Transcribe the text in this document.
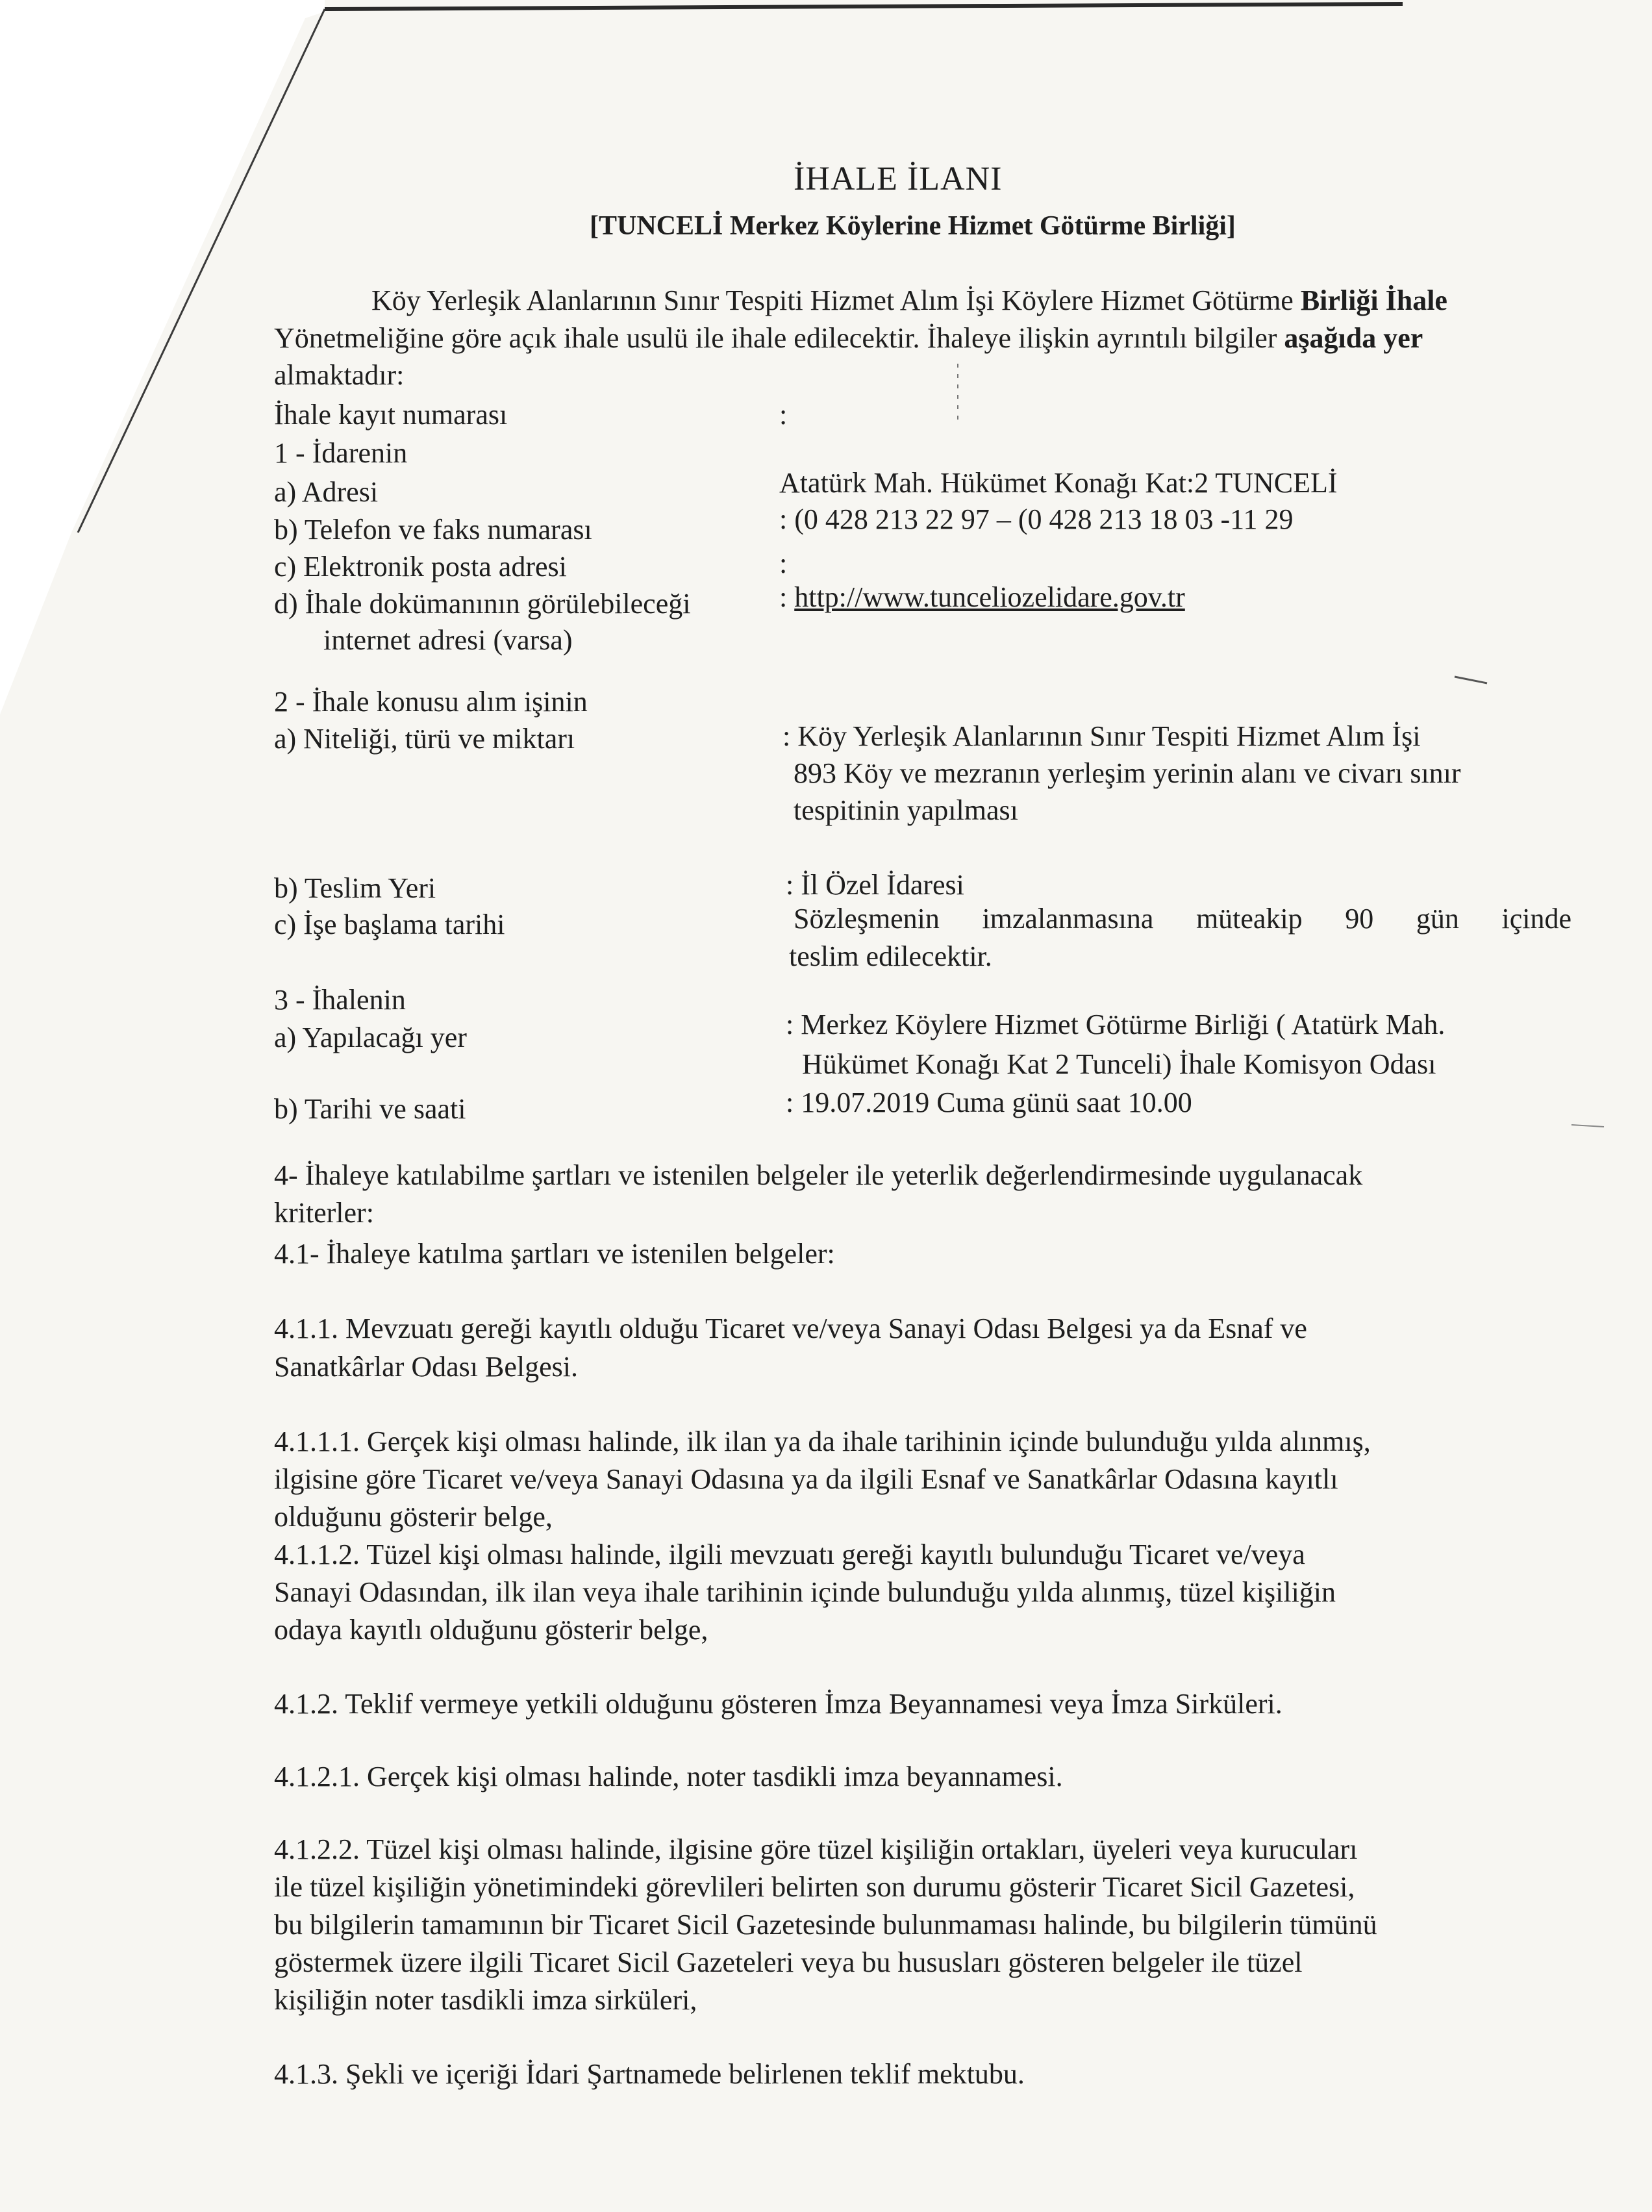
İHALE İLANI
[TUNCELİ Merkez Köylerine Hizmet Götürme Birliği]
Köy Yerleşik Alanlarının Sınır Tespiti Hizmet Alım İşi Köylere Hizmet Götürme Birliği İhale
Yönetmeliğine göre açık ihale usulü ile ihale edilecektir. İhaleye ilişkin ayrıntılı bilgiler aşağıda yer
almaktadır:
İhale kayıt numarası	:
1 - İdarenin
a) Adresi	Atatürk Mah. Hükümet Konağı Kat:2 TUNCELİ
b) Telefon ve faks numarası	: (0 428 213 22 97 – (0 428 213 18 03 -11 29
c) Elektronik posta adresi	:
d) İhale dokümanının görülebileceği
internet adresi (varsa)
: http://www.tunceliozelidare.gov.tr
2 - İhale konusu alım işinin
a) Niteliği, türü ve miktarı	: Köy Yerleşik Alanlarının Sınır Tespiti Hizmet Alım İşi
893 Köy ve mezranın yerleşim yerinin alanı ve civarı sınır
tespitinin yapılması
b) Teslim Yeri	: İl Özel İdaresi
c) İşe başlama tarihi	Sözleşmenin imzalanmasına müteakip 90 gün içinde
teslim edilecektir.
3 - İhalenin
a) Yapılacağı yer	: Merkez Köylere Hizmet Götürme Birliği ( Atatürk Mah.
Hükümet Konağı Kat 2 Tunceli) İhale Komisyon Odası
b) Tarihi ve saati	: 19.07.2019 Cuma günü saat 10.00
4- İhaleye katılabilme şartları ve istenilen belgeler ile yeterlik değerlendirmesinde uygulanacak
kriterler:
4.1- İhaleye katılma şartları ve istenilen belgeler:
4.1.1. Mevzuatı gereği kayıtlı olduğu Ticaret ve/veya Sanayi Odası Belgesi ya da Esnaf ve
Sanatkârlar Odası Belgesi.
4.1.1.1. Gerçek kişi olması halinde, ilk ilan ya da ihale tarihinin içinde bulunduğu yılda alınmış,
ilgisine göre Ticaret ve/veya Sanayi Odasına ya da ilgili Esnaf ve Sanatkârlar Odasına kayıtlı
olduğunu gösterir belge,
4.1.1.2. Tüzel kişi olması halinde, ilgili mevzuatı gereği kayıtlı bulunduğu Ticaret ve/veya
Sanayi Odasından, ilk ilan veya ihale tarihinin içinde bulunduğu yılda alınmış, tüzel kişiliğin
odaya kayıtlı olduğunu gösterir belge,
4.1.2. Teklif vermeye yetkili olduğunu gösteren İmza Beyannamesi veya İmza Sirküleri.
4.1.2.1. Gerçek kişi olması halinde, noter tasdikli imza beyannamesi.
4.1.2.2. Tüzel kişi olması halinde, ilgisine göre tüzel kişiliğin ortakları, üyeleri veya kurucuları
ile tüzel kişiliğin yönetimindeki görevlileri belirten son durumu gösterir Ticaret Sicil Gazetesi,
bu bilgilerin tamamının bir Ticaret Sicil Gazetesinde bulunmaması halinde, bu bilgilerin tümünü
göstermek üzere ilgili Ticaret Sicil Gazeteleri veya bu hususları gösteren belgeler ile tüzel
kişiliğin noter tasdikli imza sirküleri,
4.1.3. Şekli ve içeriği İdari Şartnamede belirlenen teklif mektubu.
